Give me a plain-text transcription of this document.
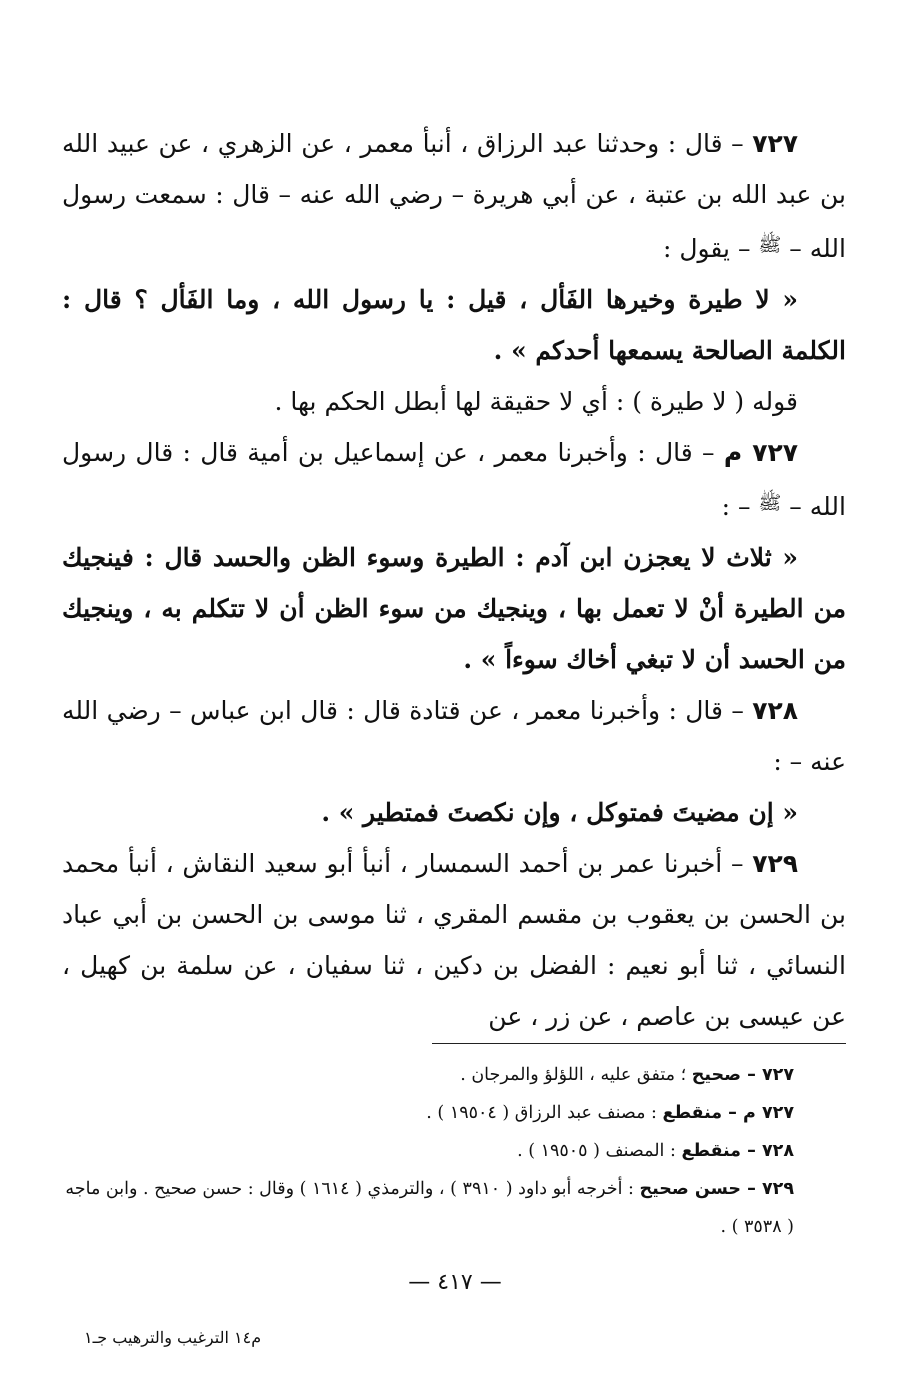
٧٢٧ – قال : وحدثنا عبد الرزاق ، أنبأ معمر ، عن الزهري ، عن عبيد الله بن عبد الله بن عتبة ، عن أبي هريرة – رضي الله عنه – قال : سمعت رسول الله – $^ﷺ$ – يقول :

« لا طيرة وخيرها الفَأل ، قيل : يا رسول الله ، وما الفَأل ؟ قال : الكلمة الصالحة يسمعها أحدكم » .

قوله ( لا طيرة ) : أي لا حقيقة لها أبطل الحكم بها .

٧٢٧ م – قال : وأخبرنا معمر ، عن إسماعيل بن أمية قال : قال رسول الله – $^ﷺ$ – :

« ثلاث لا يعجزن ابن آدم : الطيرة وسوء الظن والحسد قال : فينجيك من الطيرة أنْ لا تعمل بها ، وينجيك من سوء الظن أن لا تتكلم به ، وينجيك من الحسد أن لا تبغي أخاك سوءاً » .

٧٢٨ – قال : وأخبرنا معمر ، عن قتادة قال : قال ابن عباس – رضي الله عنه – :

« إن مضيتَ فمتوكل ، وإن نكصتَ فمتطير » .

٧٢٩ – أخبرنا عمر بن أحمد السمسار ، أنبأ أبو سعيد النقاش ، أنبأ محمد بن الحسن بن يعقوب بن مقسم المقري ، ثنا موسى بن الحسن بن أبي عباد النسائي ، ثنا أبو نعيم : الفضل بن دكين ، ثنا سفيان ، عن سلمة بن كهيل ، عن عيسى بن عاصم ، عن زر ، عن

٧٢٧ – صحيح ؛ متفق عليه ، اللؤلؤ والمرجان .

٧٢٧ م – منقطع : مصنف عبد الرزاق ( ١٩٥٠٤ ) .

٧٢٨ – منقطع : المصنف ( ١٩٥٠٥ ) .

٧٢٩ – حسن صحيح : أخرجه أبو داود ( ٣٩١٠ ) ، والترمذي ( ١٦١٤ ) وقال : حسن صحيح . وابن ماجه ( ٣٥٣٨ ) .

— ٤١٧ —
م١٤ الترغيب والترهيب جـ١
